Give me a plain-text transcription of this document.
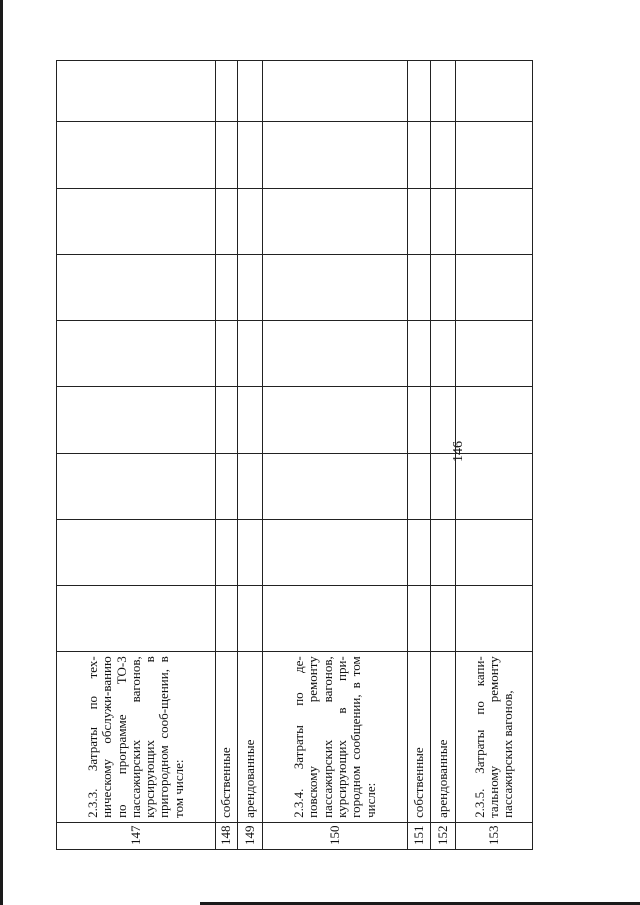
146
147	2.3.3. Затраты по тех-ническому обслужи-ванию по программе ТО-3 пассажирских вагонов, курсирующих в пригородном сооб-щении, в том числе:									
148	собственные									
149	арендованные									
150	2.3.4. Затраты по де-повскому ремонту пассажирских вагонов, курсирующих в при-городном сообщении, в том числе:									
151	собственные									
152	арендованные									
153	2.3.5. Затраты по капи-тальному ремонту пассажирских вагонов,									
